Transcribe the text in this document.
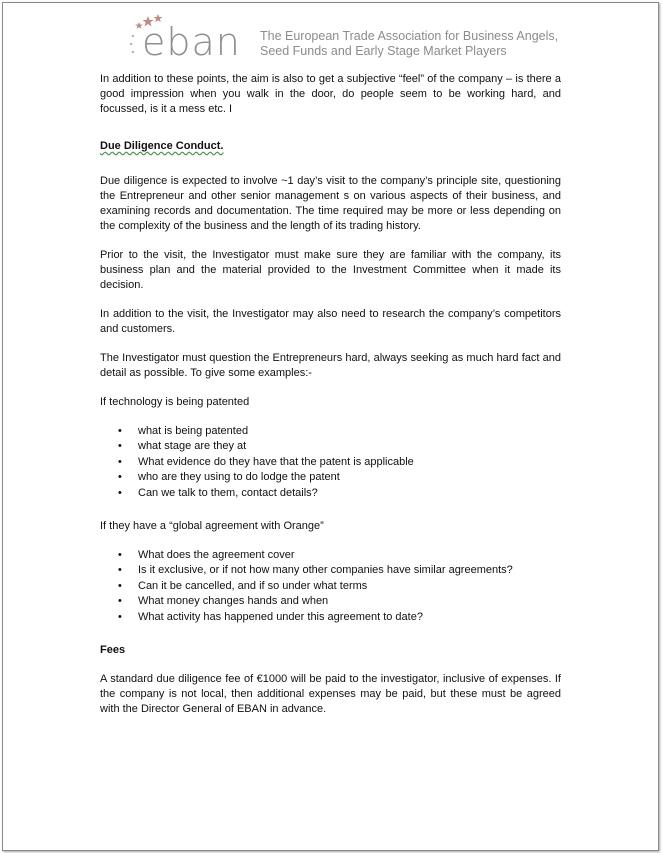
eban The European Trade Association for Business Angels,
Seed Funds and Early Stage Market Players

In addition to these points, the aim is also to get a subjective “feel” of the company – is there a good impression when you walk in the door, do people seem to be working hard, and focussed, is it a mess etc. I

Due Diligence Conduct.

Due diligence is expected to involve ~1 day’s visit to the company’s principle site, questioning the Entrepreneur and other senior management s on various aspects of their business, and examining records and documentation. The time required may be more or less depending on the complexity of the business and the length of its trading history.

Prior to the visit, the Investigator must make sure they are familiar with the company, its business plan and the material provided to the Investment Committee when it made its decision.

In addition to the visit, the Investigator may also need to research the company’s competitors and customers.

The Investigator must question the Entrepreneurs hard, always seeking as much hard fact and detail as possible. To give some examples:-

If technology is being patented

• what is being patented
• what stage are they at
• What evidence do they have that the patent is applicable
• who are they using to do lodge the patent
• Can we talk to them, contact details?

If they have a “global agreement with Orange”

• What does the agreement cover
• Is it exclusive, or if not how many other companies have similar agreements?
• Can it be cancelled, and if so under what terms
• What money changes hands and when
• What activity has happened under this agreement to date?
Fees

A standard due diligence fee of €1000 will be paid to the investigator, inclusive of expenses. If the company is not local, then additional expenses may be paid, but these must be agreed with the Director General of EBAN in advance.
